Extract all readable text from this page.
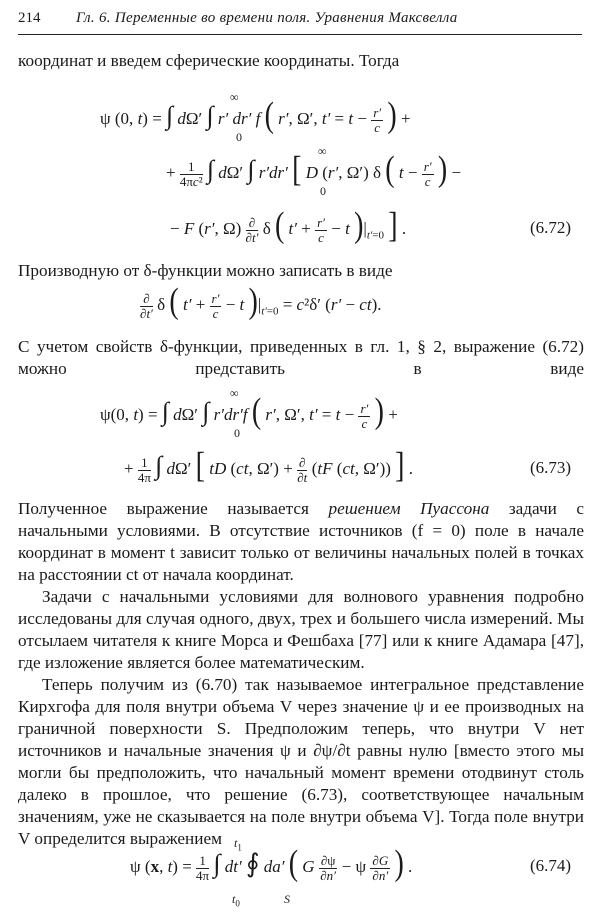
214 Гл. 6. Переменные во времени поля. Уравнения Максвелла
координат и введем сферические координаты. Тогда
ψ (0, t) = ∫ dΩ′ ∫ r′ dr′ f ( r′, Ω′, $t' = t - \frac{r'}{c}$ ) +
∞
0
+ $\frac{1}{\text{4πc²}}$ ∫ dΩ′ ∫ r′dr′ [ D (r′, Ω′) δ ( $t - \frac{r'}{c}$ ) −
∞
0
− F (r′, $\Omega) \frac{\partial}{\partial t'}$ δ ( $t' + \frac{r'}{c} - t$ )$|_{t'=0}$ ] .	(6.72)
Производную от δ-функции можно записать в виде
$\frac{\partial}{\partial t'}$ δ ( $t' + \frac{r'}{c} - t$ )$|_{t'=0} = c^2\delta'$ (r′ − ct).
С учетом свойств δ-функции, приведенных в гл. 1, § 2, выражение (6.72) можно представить в виде
ψ(0, t) = ∫ dΩ′ ∫ r′dr′f ( r′, Ω′, $t' = t - \frac{r'}{c}$ ) +
∞
0
+ $\frac{1}{4\pi}$ ∫ dΩ′ [ tD (ct, $\Omega') + \frac{\partial}{\partial t} (tF$ (ct, Ω′)) ] .	(6.73)
Полученное выражение называется решением Пуассона задачи с начальными условиями. В отсутствие источников (f = 0) поле в начале координат в момент t зависит только от величины начальных полей в точках на расстоянии ct от начала координат.
Задачи с начальными условиями для волнового уравнения подробно исследованы для случая одного, двух, трех и большего числа измерений. Мы отсылаем читателя к книге Морса и Фешбаха [77] или к книге Адамара [47], где изложение является более математическим.
Теперь получим из (6.70) так называемое интегральное представление Кирхгофа для поля внутри объема V через значение ψ и ее производных на граничной поверхности S. Предположим теперь, что внутри V нет источников и начальные значения ψ и ∂ψ/∂t равны нулю [вместо этого мы могли бы предположить, что начальный момент времени отодвинут столь далеко в прошлое, что решение (6.73), соответствующее начальным значениям, уже не сказывается на поле внутри объема V]. Тогда поле внутри V определится выражением
ψ (x, $t) = \frac{1}{4\pi}$ ∫ dt′ ∮ da′ ( G $\frac{\partial\psi}{\partial n'} - \psi \frac{\partial G}{\partial n'}$ ) .
$t_1$
$t_0$	S
(6.74)
